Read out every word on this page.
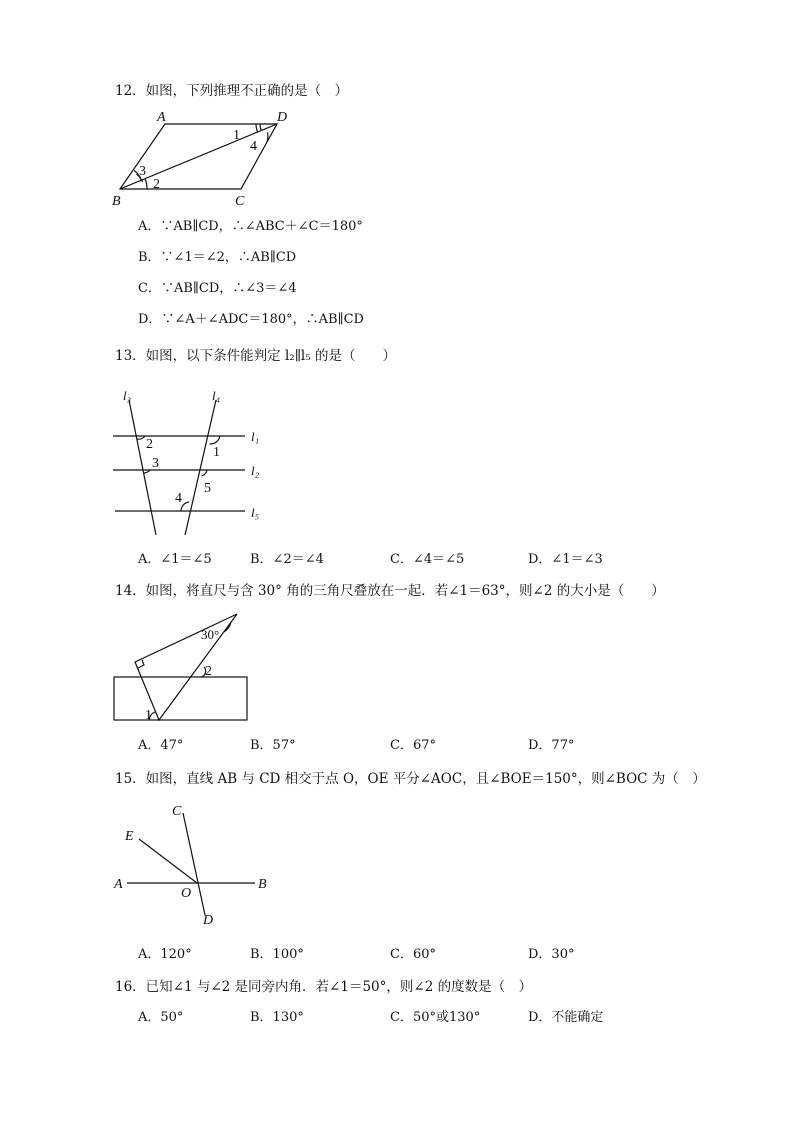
12．如图，下列推理不正确的是（　）
A	D
B	C
1
2
3
4
A．∵AB∥CD，∴∠ABC＋∠C＝180°
B．∵∠1＝∠2，∴AB∥CD
C．∵AB∥CD，∴∠3＝∠4
D．∵∠A＋∠ADC＝180°，∴AB∥CD
13．如图，以下条件能判定 l₂∥l₅ 的是（　　）
l₃	l₄
l₁
l₂
l₅
2
1
3
5
4
A．∠1＝∠5	B．∠2＝∠4	C．∠4＝∠5	D．∠1＝∠3
14．如图，将直尺与含 30° 角的三角尺叠放在一起．若∠1＝63°，则∠2 的大小是（　　）
30°
2
1
A．47°	B．57°	C．67°	D．77°
15．如图，直线 AB 与 CD 相交于点 O，OE 平分∠AOC，且∠BOE＝150°，则∠BOC 为（　）
C
E
A	B
O
D
A．120°	B．100°	C．60°	D．30°
16．已知∠1 与∠2 是同旁内角．若∠1＝50°，则∠2 的度数是（　）
A．50°	B．130°	C．50°或130°	D．不能确定
